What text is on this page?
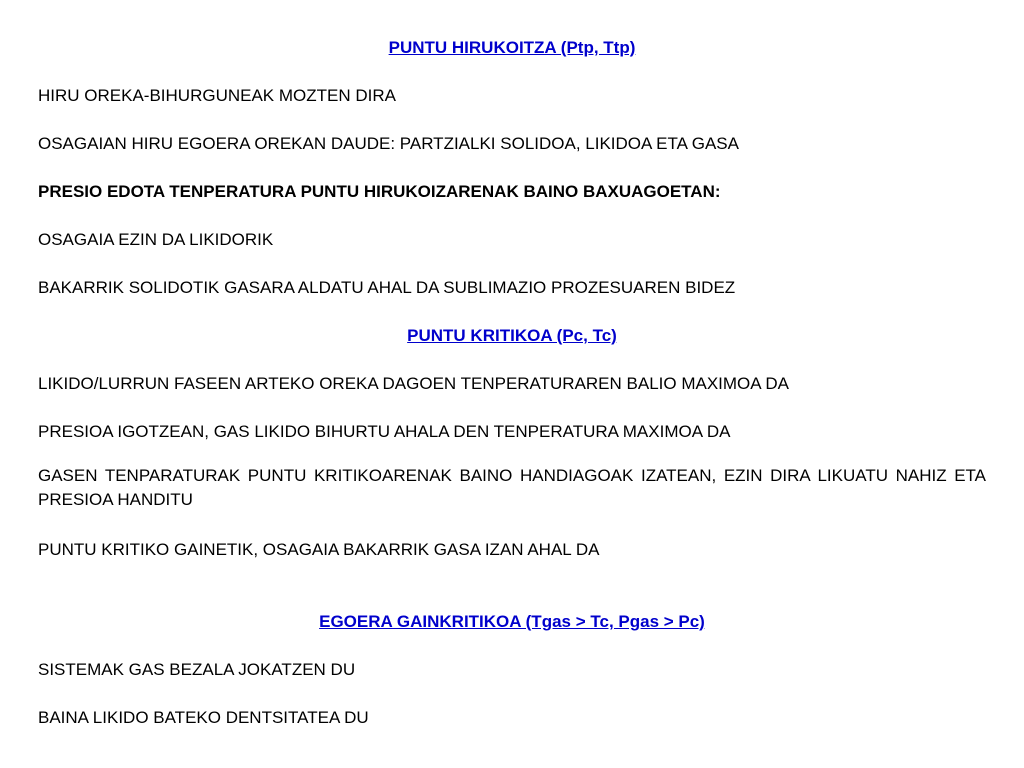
PUNTU HIRUKOITZA (Ptp, Ttp)

HIRU OREKA-BIHURGUNEAK MOZTEN DIRA

OSAGAIAN HIRU EGOERA OREKAN DAUDE: PARTZIALKI SOLIDOA, LIKIDOA ETA GASA

PRESIO EDOTA TENPERATURA PUNTU HIRUKOIZARENAK BAINO BAXUAGOETAN:

OSAGAIA EZIN DA LIKIDORIK

BAKARRIK SOLIDOTIK GASARA ALDATU AHAL DA SUBLIMAZIO PROZESUAREN BIDEZ

PUNTU KRITIKOA (Pc, Tc)

LIKIDO/LURRUN FASEEN ARTEKO OREKA DAGOEN TENPERATURAREN BALIO MAXIMOA DA

PRESIOA IGOTZEAN, GAS LIKIDO BIHURTU AHALA DEN TENPERATURA MAXIMOA DA

GASEN TENPARATURAK PUNTU KRITIKOARENAK BAINO HANDIAGOAK IZATEAN, EZIN DIRA LIKUATU NAHIZ ETA PRESIOA HANDITU

PUNTU KRITIKO GAINETIK, OSAGAIA BAKARRIK GASA IZAN AHAL DA

EGOERA GAINKRITIKOA (Tgas > Tc, Pgas > Pc)

SISTEMAK GAS BEZALA JOKATZEN DU

BAINA LIKIDO BATEKO DENTSITATEA DU
